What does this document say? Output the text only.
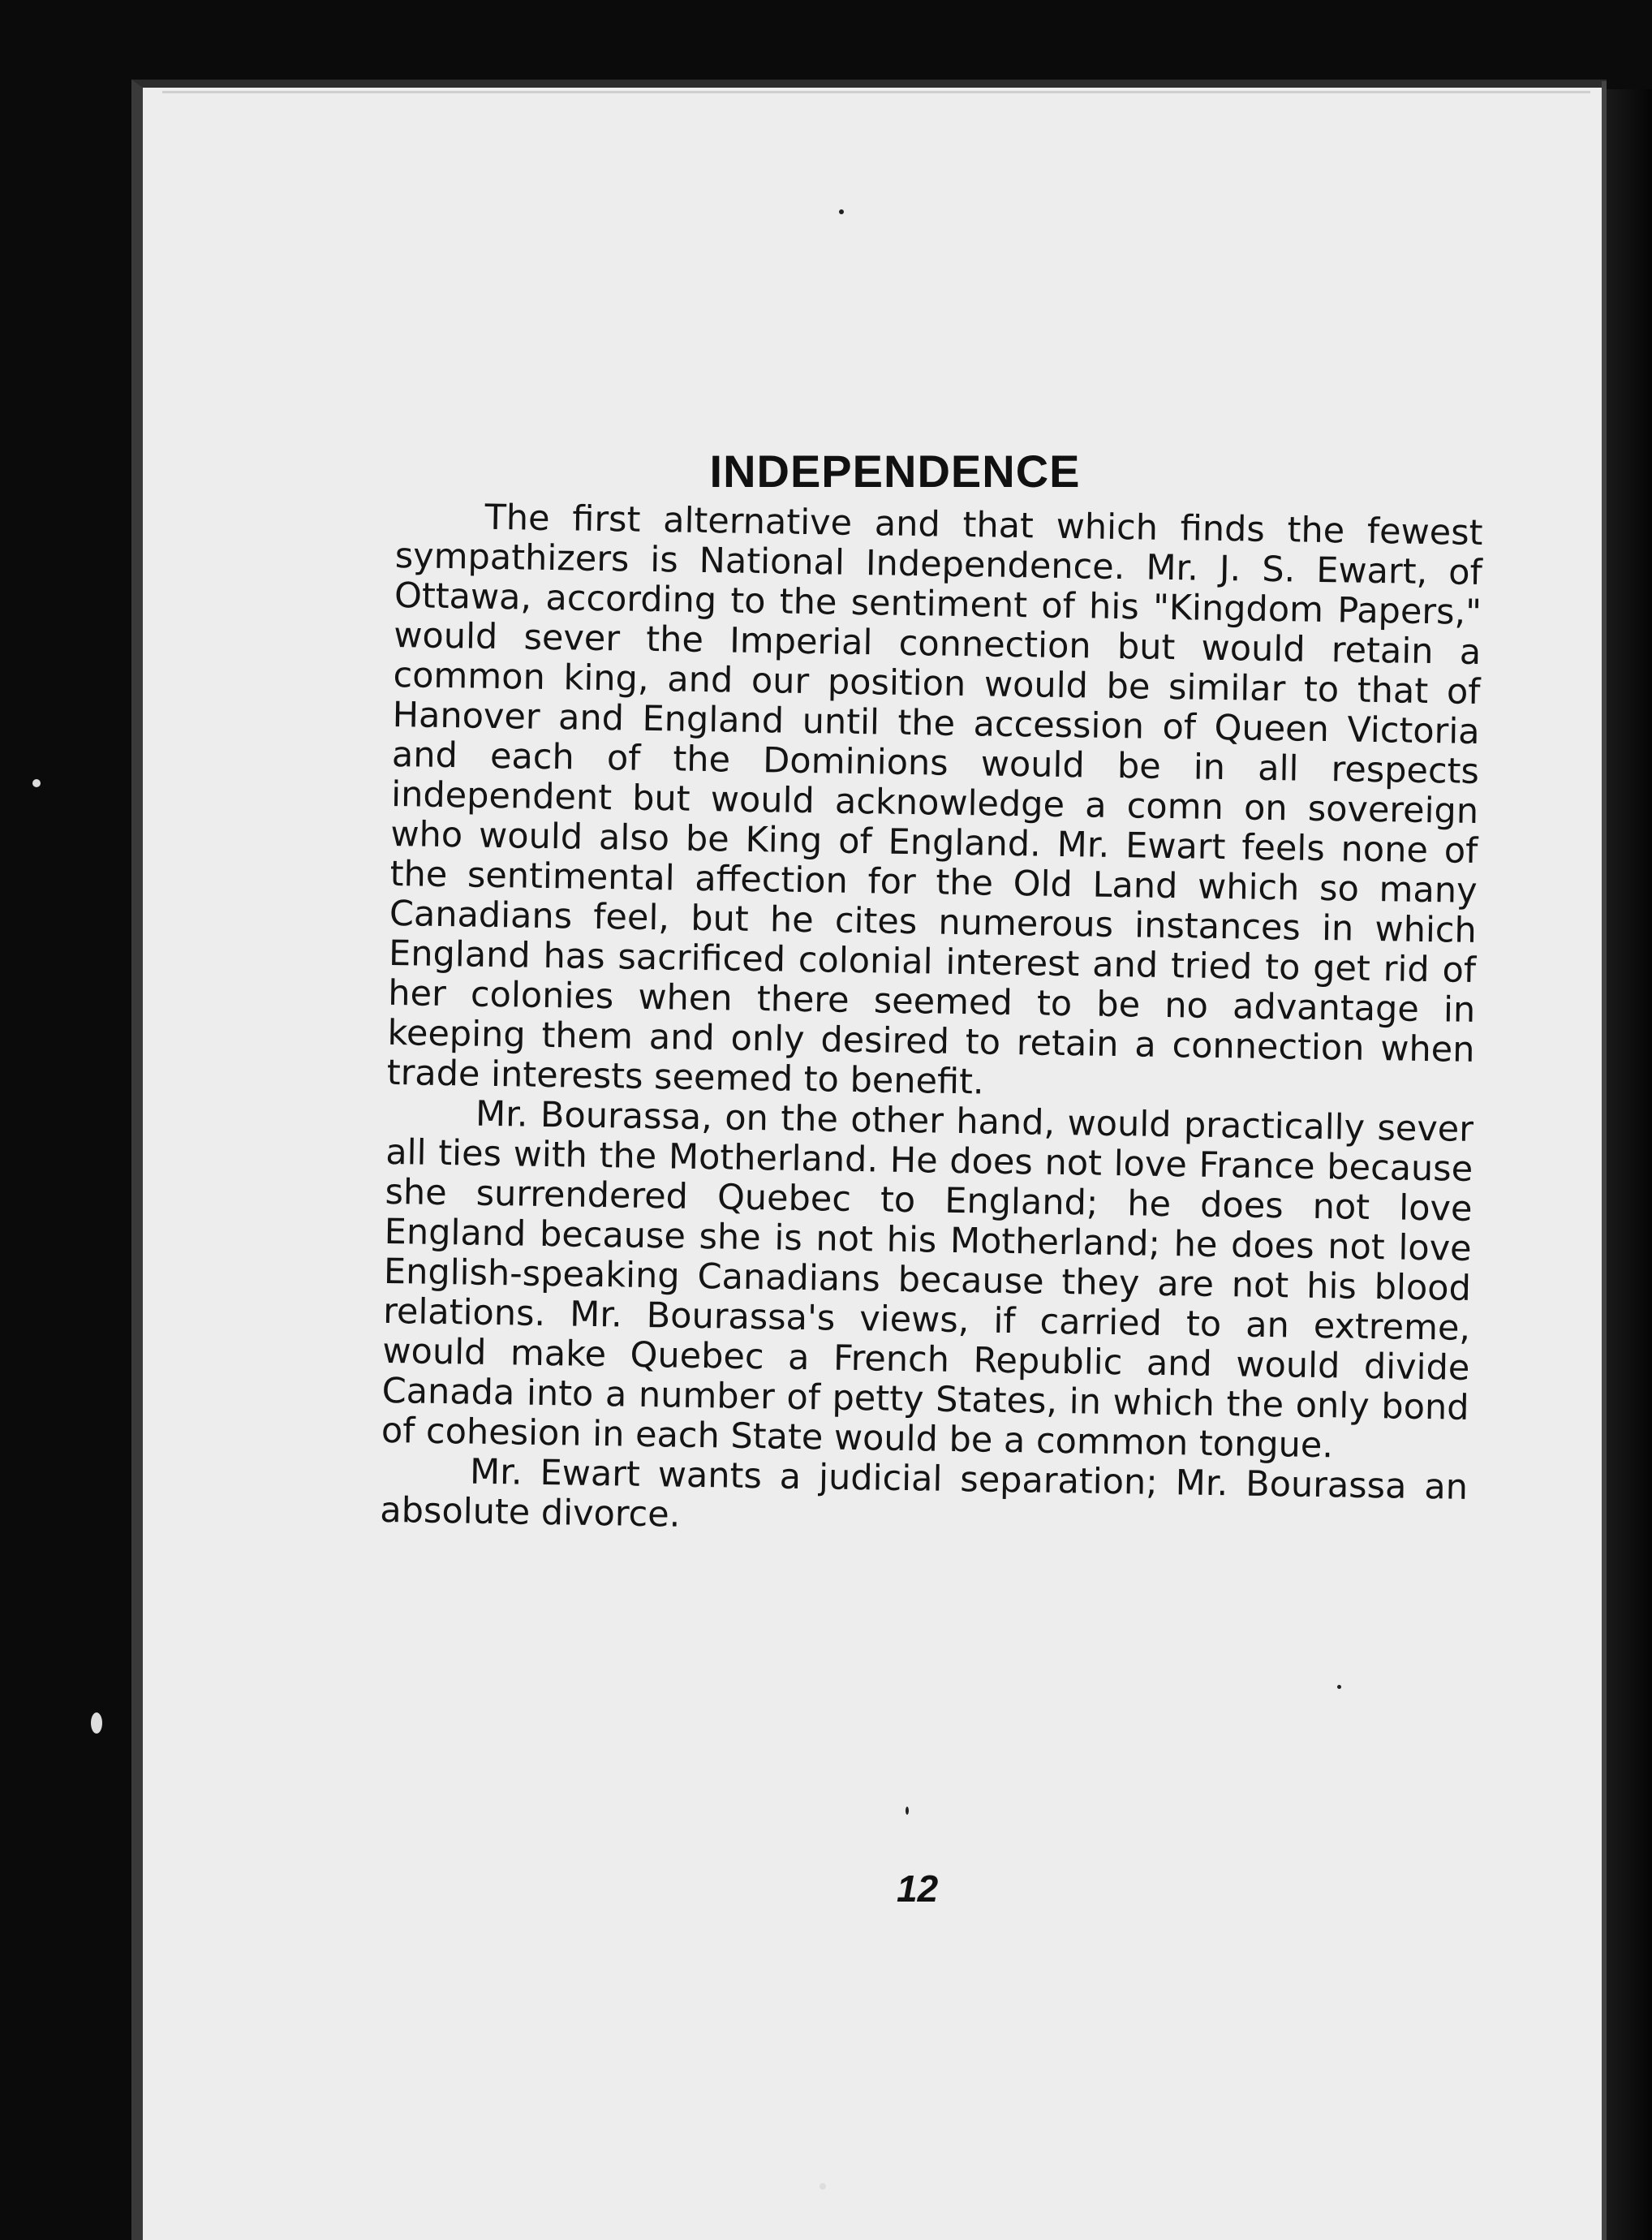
INDEPENDENCE

The first alternative and that which finds the fewest sympathizers is National Independence. Mr. J. S. Ewart, of Ottawa, according to the sentiment of his "Kingdom Papers," would sever the Imperial connection but would retain a common king, and our position would be similar to that of Hanover and England until the accession of Queen Victoria and each of the Dominions would be in all respects independent but would acknowledge a comn on sovereign who would also be King of England. Mr. Ewart feels none of the sentimental affection for the Old Land which so many Canadians feel, but he cites numerous instances in which England has sacrificed colonial interest and tried to get rid of her colonies when there seemed to be no advantage in keeping them and only desired to retain a connection when trade interests seemed to benefit.

Mr. Bourassa, on the other hand, would practically sever all ties with the Motherland. He does not love France because she surrendered Quebec to England; he does not love England because she is not his Motherland; he does not love English-speaking Canadians because they are not his blood relations. Mr. Bourassa's views, if carried to an extreme, would make Quebec a French Republic and would divide Canada into a number of petty States, in which the only bond of cohesion in each State would be a common tongue.

Mr. Ewart wants a judicial separation; Mr. Bourassa an absolute divorce.

12
